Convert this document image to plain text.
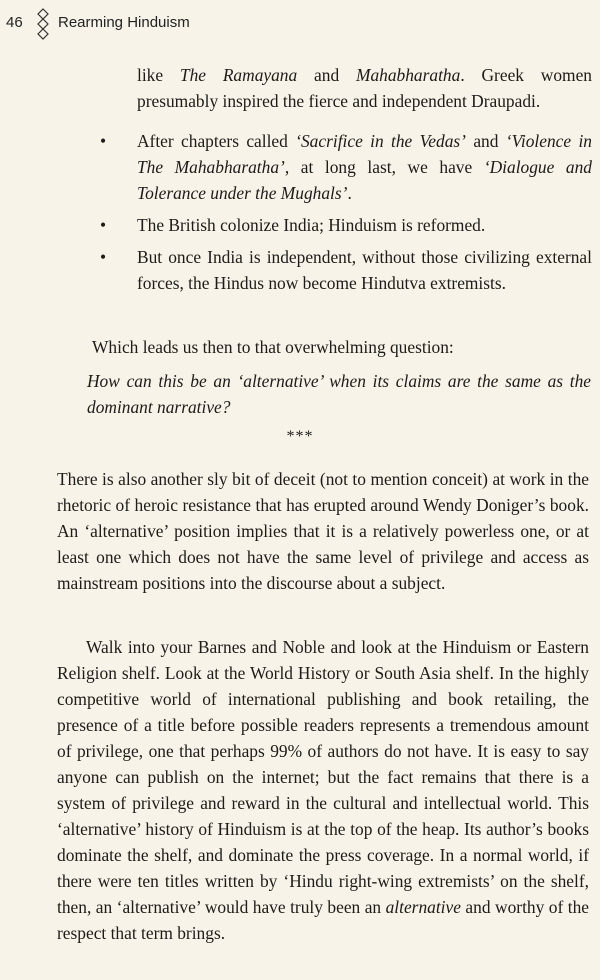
46 Rearming Hinduism

like The Ramayana and Mahabharatha. Greek women presumably inspired the fierce and independent Draupadi.

• After chapters called ‘Sacrifice in the Vedas’ and ‘Violence in The Mahabharatha’, at long last, we have ‘Dialogue and Tolerance under the Mughals’.
• The British colonize India; Hinduism is reformed.
• But once India is independent, without those civilizing external forces, the Hindus now become Hindutva extremists.

Which leads us then to that overwhelming question:

How can this be an ‘alternative’ when its claims are the same as the dominant narrative?

***

There is also another sly bit of deceit (not to mention conceit) at work in the rhetoric of heroic resistance that has erupted around Wendy Doniger’s book. An ‘alternative’ position implies that it is a relatively powerless one, or at least one which does not have the same level of privilege and access as mainstream positions into the discourse about a subject.

Walk into your Barnes and Noble and look at the Hinduism or Eastern Religion shelf. Look at the World History or South Asia shelf. In the highly competitive world of international publishing and book retailing, the presence of a title before possible readers represents a tremendous amount of privilege, one that perhaps 99% of authors do not have. It is easy to say anyone can publish on the internet; but the fact remains that there is a system of privilege and reward in the cultural and intellectual world. This ‘alternative’ history of Hinduism is at the top of the heap. Its author’s books dominate the shelf, and dominate the press coverage. In a normal world, if there were ten titles written by ‘Hindu right-wing extremists’ on the shelf, then, an ‘alternative’ would have truly been an alternative and worthy of the respect that term brings.
